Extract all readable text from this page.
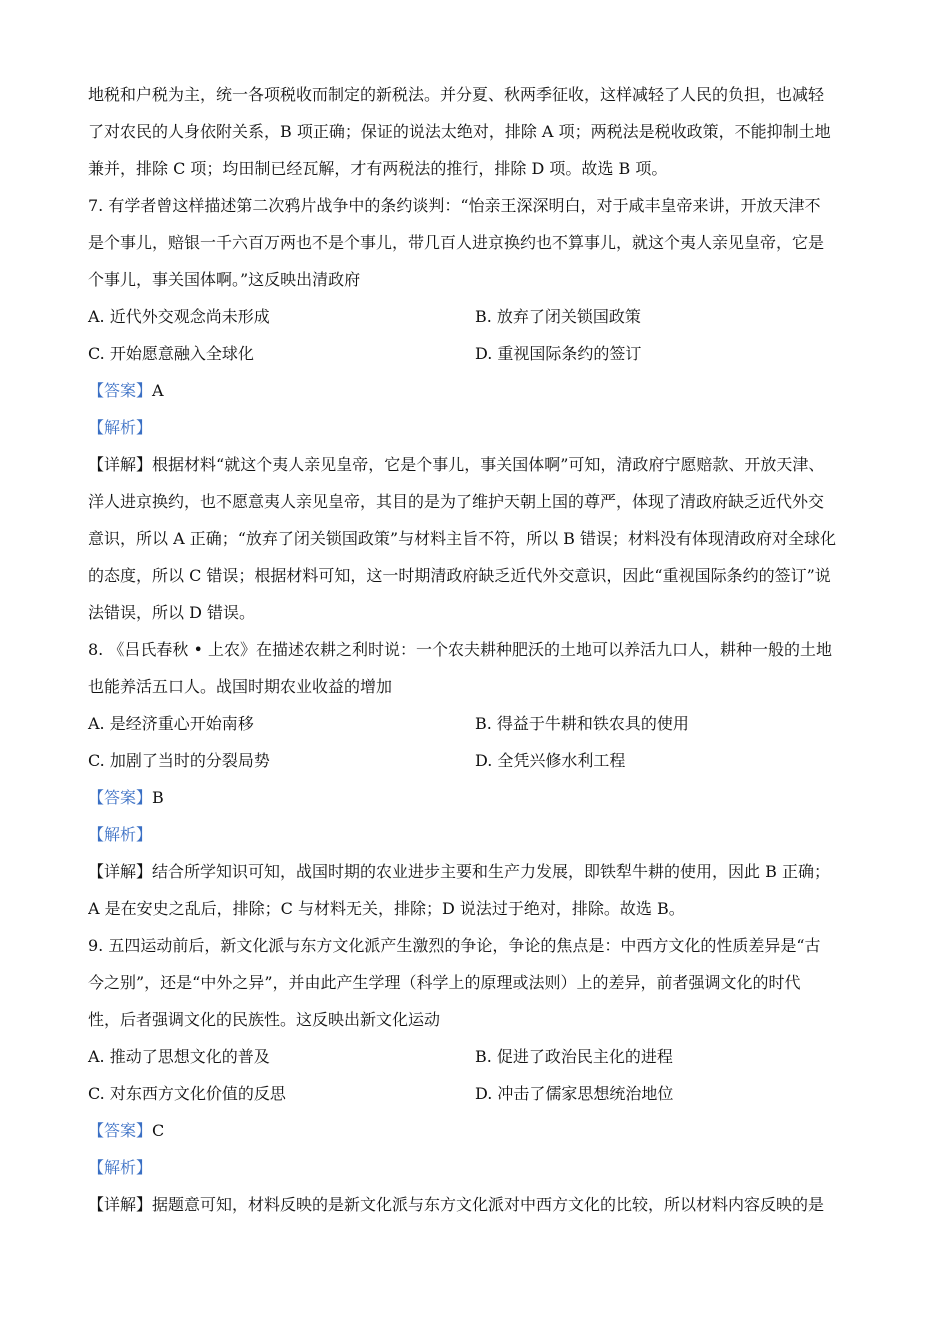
地税和户税为主，统一各项税收而制定的新税法。并分夏、秋两季征收，这样减轻了人民的负担，也减轻
了对农民的人身依附关系，B 项正确；保证的说法太绝对，排除 A 项；两税法是税收政策，不能抑制土地
兼并，排除 C 项；均田制已经瓦解，才有两税法的推行，排除 D 项。故选 B 项。
7. 有学者曾这样描述第二次鸦片战争中的条约谈判：“怡亲王深深明白，对于咸丰皇帝来讲，开放天津不
是个事儿，赔银一千六百万两也不是个事儿，带几百人进京换约也不算事儿，就这个夷人亲见皇帝，它是
个事儿，事关国体啊。”这反映出清政府
A. 近代外交观念尚未形成	B. 放弃了闭关锁国政策
C. 开始愿意融入全球化	D. 重视国际条约的签订
【答案】A
【解析】
【详解】根据材料“就这个夷人亲见皇帝，它是个事儿，事关国体啊”可知，清政府宁愿赔款、开放天津、
洋人进京换约，也不愿意夷人亲见皇帝，其目的是为了维护天朝上国的尊严，体现了清政府缺乏近代外交
意识，所以 A 正确；“放弃了闭关锁国政策”与材料主旨不符，所以 B 错误；材料没有体现清政府对全球化
的态度，所以 C 错误；根据材料可知，这一时期清政府缺乏近代外交意识，因此“重视国际条约的签订”说
法错误，所以 D 错误。
8. 《吕氏春秋 • 上农》在描述农耕之利时说：一个农夫耕种肥沃的土地可以养活九口人，耕种一般的土地
也能养活五口人。战国时期农业收益的增加
A. 是经济重心开始南移	B. 得益于牛耕和铁农具的使用
C. 加剧了当时的分裂局势	D. 全凭兴修水利工程
【答案】B
【解析】
【详解】结合所学知识可知，战国时期的农业进步主要和生产力发展，即铁犁牛耕的使用，因此 B 正确；
A 是在安史之乱后，排除；C 与材料无关，排除；D 说法过于绝对，排除。故选 B。
9. 五四运动前后，新文化派与东方文化派产生激烈的争论，争论的焦点是：中西方文化的性质差异是“古
今之别”，还是“中外之异”，并由此产生学理（科学上的原理或法则）上的差异，前者强调文化的时代
性，后者强调文化的民族性。这反映出新文化运动
A. 推动了思想文化的普及	B. 促进了政治民主化的进程
C. 对东西方文化价值的反思	D. 冲击了儒家思想统治地位
【答案】C
【解析】
【详解】据题意可知，材料反映的是新文化派与东方文化派对中西方文化的比较，所以材料内容反映的是
